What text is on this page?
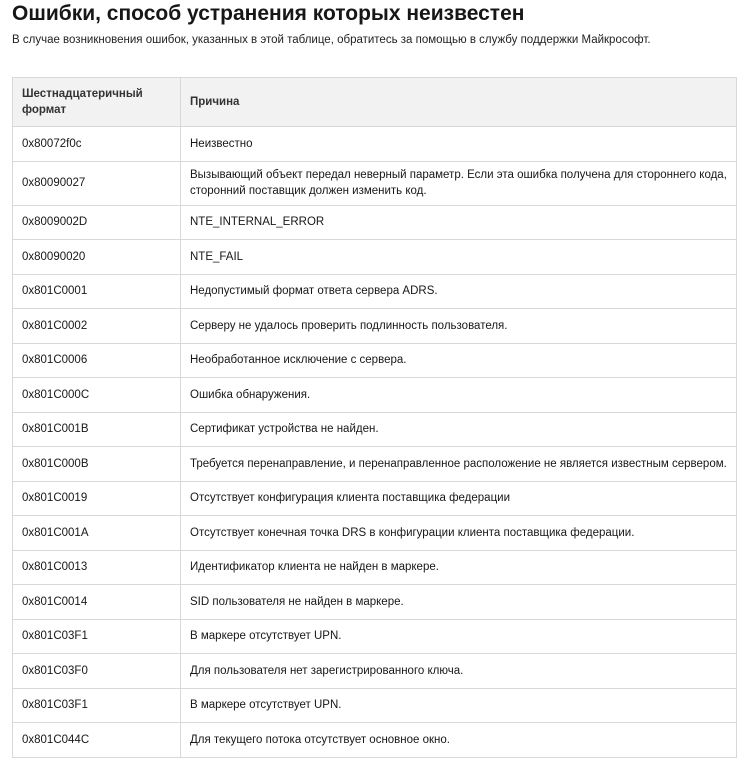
Ошибки, способ устранения которых неизвестен
В случае возникновения ошибок, указанных в этой таблице, обратитесь за помощью в службу поддержки Майкрософт.
Шестнадцатеричный формат	Причина
0x80072f0c	Неизвестно
0x80090027	Вызывающий объект передал неверный параметр. Если эта ошибка получена для стороннего кода, сторонний поставщик должен изменить код.
0x8009002D	NTE_INTERNAL_ERROR
0x80090020	NTE_FAIL
0x801C0001	Недопустимый формат ответа сервера ADRS.
0x801C0002	Серверу не удалось проверить подлинность пользователя.
0x801C0006	Необработанное исключение с сервера.
0x801C000C	Ошибка обнаружения.
0x801C001B	Сертификат устройства не найден.
0x801C000B	Требуется перенаправление, и перенаправленное расположение не является известным сервером.
0x801C0019	Отсутствует конфигурация клиента поставщика федерации
0x801C001A	Отсутствует конечная точка DRS в конфигурации клиента поставщика федерации.
0x801C0013	Идентификатор клиента не найден в маркере.
0x801C0014	SID пользователя не найден в маркере.
0x801C03F1	В маркере отсутствует UPN.
0x801C03F0	Для пользователя нет зарегистрированного ключа.
0x801C03F1	В маркере отсутствует UPN.
0x801C044C	Для текущего потока отсутствует основное окно.
